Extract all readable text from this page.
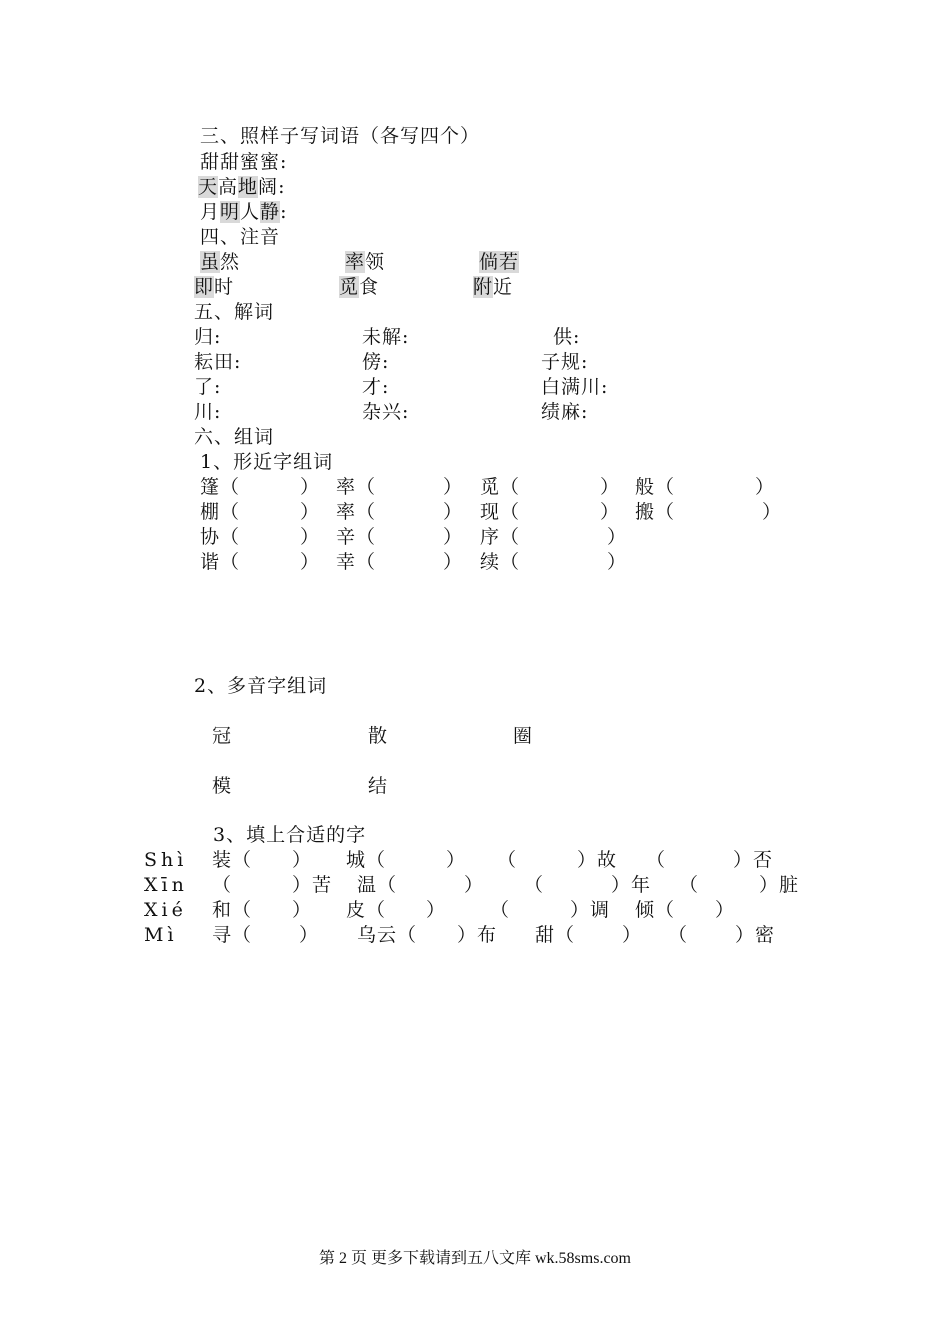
三、照样子写词语（各写四个）
甜甜蜜蜜:
天高地阔:
月明人静:
四、注音
虽然	率领	倘若
即时	觅食	附近
五、解词
归:	未解:	供:
耘田:	傍:	子规:
了:	才:	白满川:
川:	杂兴:	绩麻:
六、组词
1、形近字组词
篷（　　　） 率（　　　 ） 觅（　　　　） 般（　　　　）
棚（　　　） 率（　　　 ） 现（　　　　） 搬（　　　　 ）
协（　　　） 辛（　　　 ） 序（　　　　 ）
谐（　　　） 幸（　　　 ） 续（　　　　 ）
2、多音字组词
冠	散	圈
模	结
3、填上合适的字
Shì 装（　　） 城（　　　） （　　　）故 （　　　 ）否
Xīn （　　　）苦 温（　　　 ） （　　　 ）年 （　　　）脏
Xié 和（　　） 皮（　　） （　　　）调 倾（　　）
Mì 寻（　　 ） 乌云（　　）布 甜（　　 ） （　　 ）密
第 2 页 更多下载请到五八文库 wk.58sms.com
